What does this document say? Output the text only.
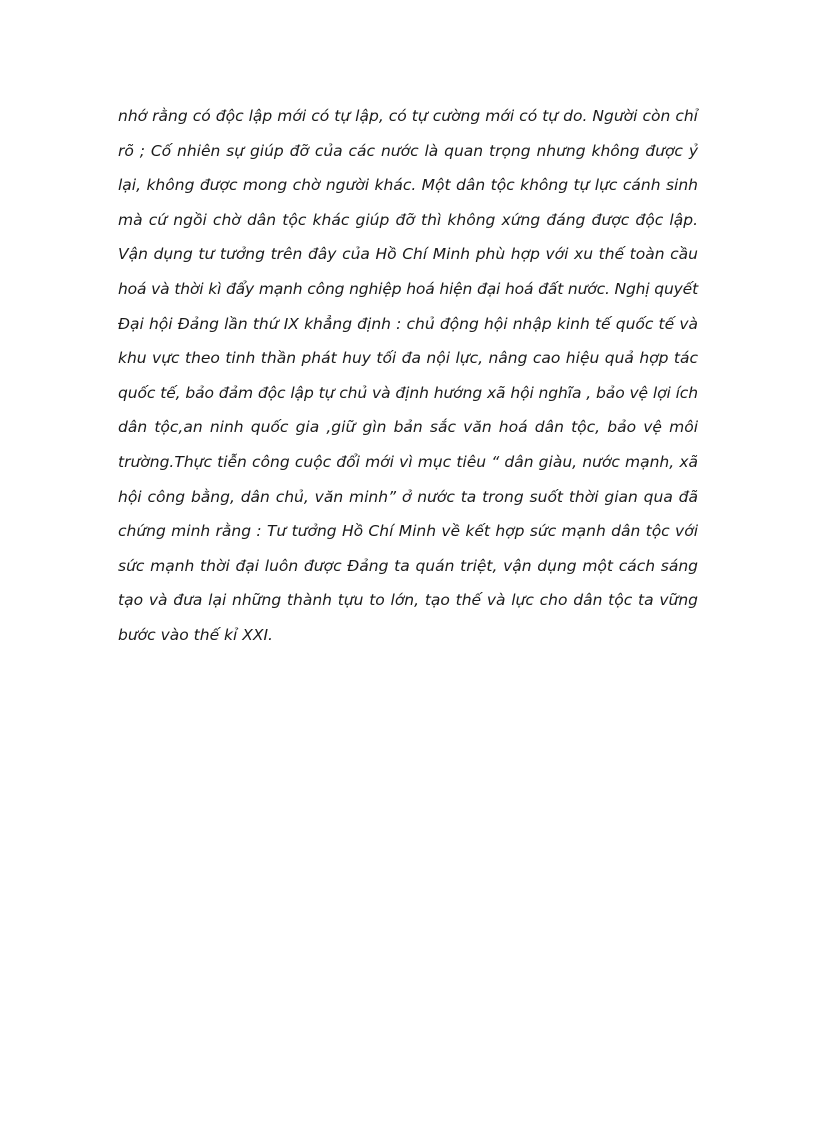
nhớ rằng có độc lập mới có tự lập, có tự cường mới có tự do. Người còn chỉ
rõ ; Cố nhiên sự giúp đỡ của các nước là quan trọng nhưng không được ỷ
lại, không được mong chờ người khác. Một dân tộc không tự lực cánh sinh
mà cứ ngồi chờ dân tộc khác giúp đỡ thì không xứng đáng được độc lập.
Vận dụng tư tưởng trên đây của Hồ Chí Minh phù hợp với xu thế toàn cầu
hoá và thời kì đẩy mạnh công nghiệp hoá hiện đại hoá đất nước. Nghị quyết
Đại hội Đảng lần thứ IX khẳng định : chủ động hội nhập kinh tế quốc tế và
khu vực theo tinh thần phát huy tối đa nội lực, nâng cao hiệu quả hợp tác
quốc tế, bảo đảm độc lập tự chủ và định hướng xã hội nghĩa , bảo vệ lợi ích
dân tộc,an ninh quốc gia ,giữ gìn bản sắc văn hoá dân tộc, bảo vệ môi
trường.Thực tiễn công cuộc đổi mới vì mục tiêu “ dân giàu, nước mạnh, xã
hội công bằng, dân chủ, văn minh” ở nước ta trong suốt thời gian qua đã
chứng minh rằng : Tư tưởng Hồ Chí Minh về kết hợp sức mạnh dân tộc với
sức mạnh thời đại luôn được Đảng ta quán triệt, vận dụng một cách sáng
tạo và đưa lại những thành tựu to lớn, tạo thế và lực cho dân tộc ta vững
bước vào thế kỉ XXI.
